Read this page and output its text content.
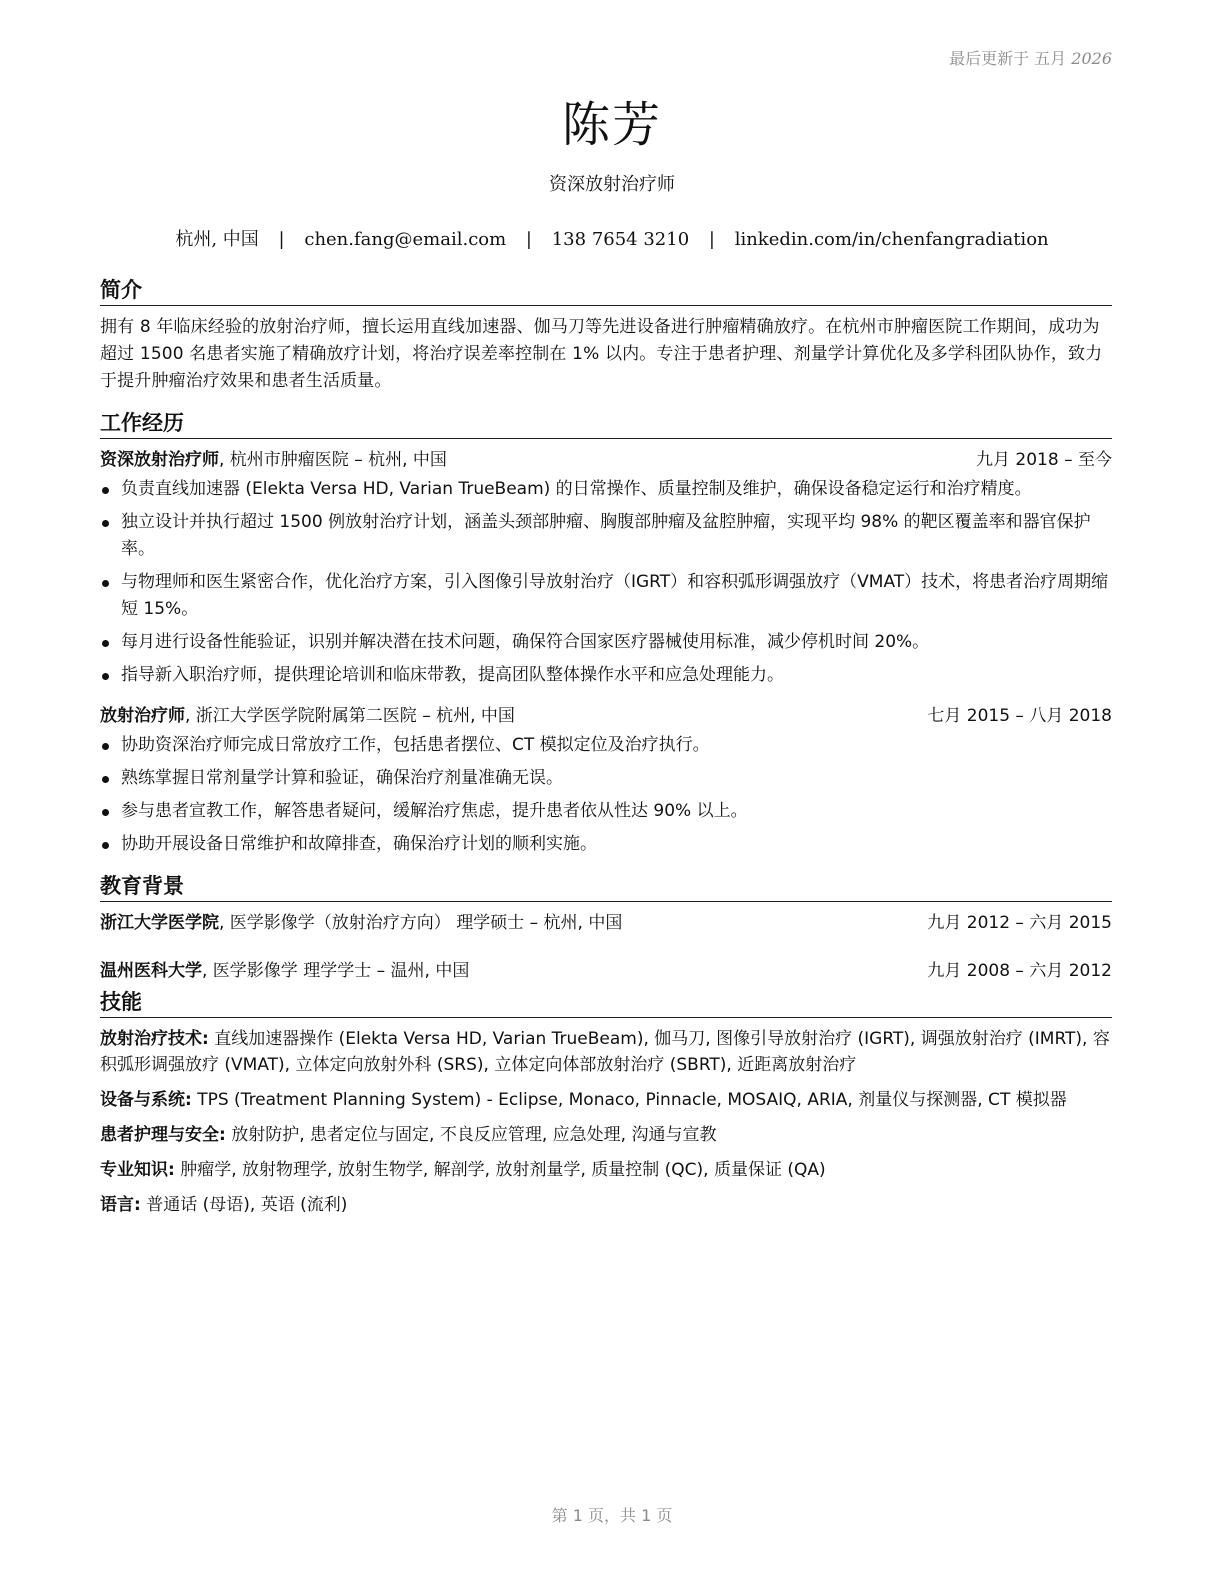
最后更新于 五月 2026
陈芳
资深放射治疗师
杭州, 中国 | chen.fang@email.com | 138 7654 3210 | linkedin.com/in/chenfangradiation
简介
拥有 8 年临床经验的放射治疗师，擅长运用直线加速器、伽马刀等先进设备进行肿瘤精确放疗。在杭州市肿瘤医院工作期间，成功为超过 1500 名患者实施了精确放疗计划，将治疗误差率控制在 1% 以内。专注于患者护理、剂量学计算优化及多学科团队协作，致力于提升肿瘤治疗效果和患者生活质量。
工作经历
资深放射治疗师, 杭州市肿瘤医院 – 杭州, 中国	九月 2018 – 至今
负责直线加速器 (Elekta Versa HD, Varian TrueBeam) 的日常操作、质量控制及维护，确保设备稳定运行和治疗精度。
独立设计并执行超过 1500 例放射治疗计划，涵盖头颈部肿瘤、胸腹部肿瘤及盆腔肿瘤，实现平均 98% 的靶区覆盖率和器官保护率。
与物理师和医生紧密合作，优化治疗方案，引入图像引导放射治疗（IGRT）和容积弧形调强放疗（VMAT）技术，将患者治疗周期缩短 15%。
每月进行设备性能验证，识别并解决潜在技术问题，确保符合国家医疗器械使用标准，减少停机时间 20%。
指导新入职治疗师，提供理论培训和临床带教，提高团队整体操作水平和应急处理能力。
放射治疗师, 浙江大学医学院附属第二医院 – 杭州, 中国	七月 2015 – 八月 2018
协助资深治疗师完成日常放疗工作，包括患者摆位、CT 模拟定位及治疗执行。
熟练掌握日常剂量学计算和验证，确保治疗剂量准确无误。
参与患者宣教工作，解答患者疑问，缓解治疗焦虑，提升患者依从性达 90% 以上。
协助开展设备日常维护和故障排查，确保治疗计划的顺利实施。
教育背景
浙江大学医学院, 医学影像学（放射治疗方向） 理学硕士 – 杭州, 中国	九月 2012 – 六月 2015
温州医科大学, 医学影像学 理学学士 – 温州, 中国	九月 2008 – 六月 2012
技能
放射治疗技术: 直线加速器操作 (Elekta Versa HD, Varian TrueBeam), 伽马刀, 图像引导放射治疗 (IGRT), 调强放射治疗 (IMRT), 容积弧形调强放疗 (VMAT), 立体定向放射外科 (SRS), 立体定向体部放射治疗 (SBRT), 近距离放射治疗
设备与系统: TPS (Treatment Planning System) - Eclipse, Monaco, Pinnacle, MOSAIQ, ARIA, 剂量仪与探测器, CT 模拟器
患者护理与安全: 放射防护, 患者定位与固定, 不良反应管理, 应急处理, 沟通与宣教
专业知识: 肿瘤学, 放射物理学, 放射生物学, 解剖学, 放射剂量学, 质量控制 (QC), 质量保证 (QA)
语言: 普通话 (母语), 英语 (流利)
第 1 页，共 1 页
